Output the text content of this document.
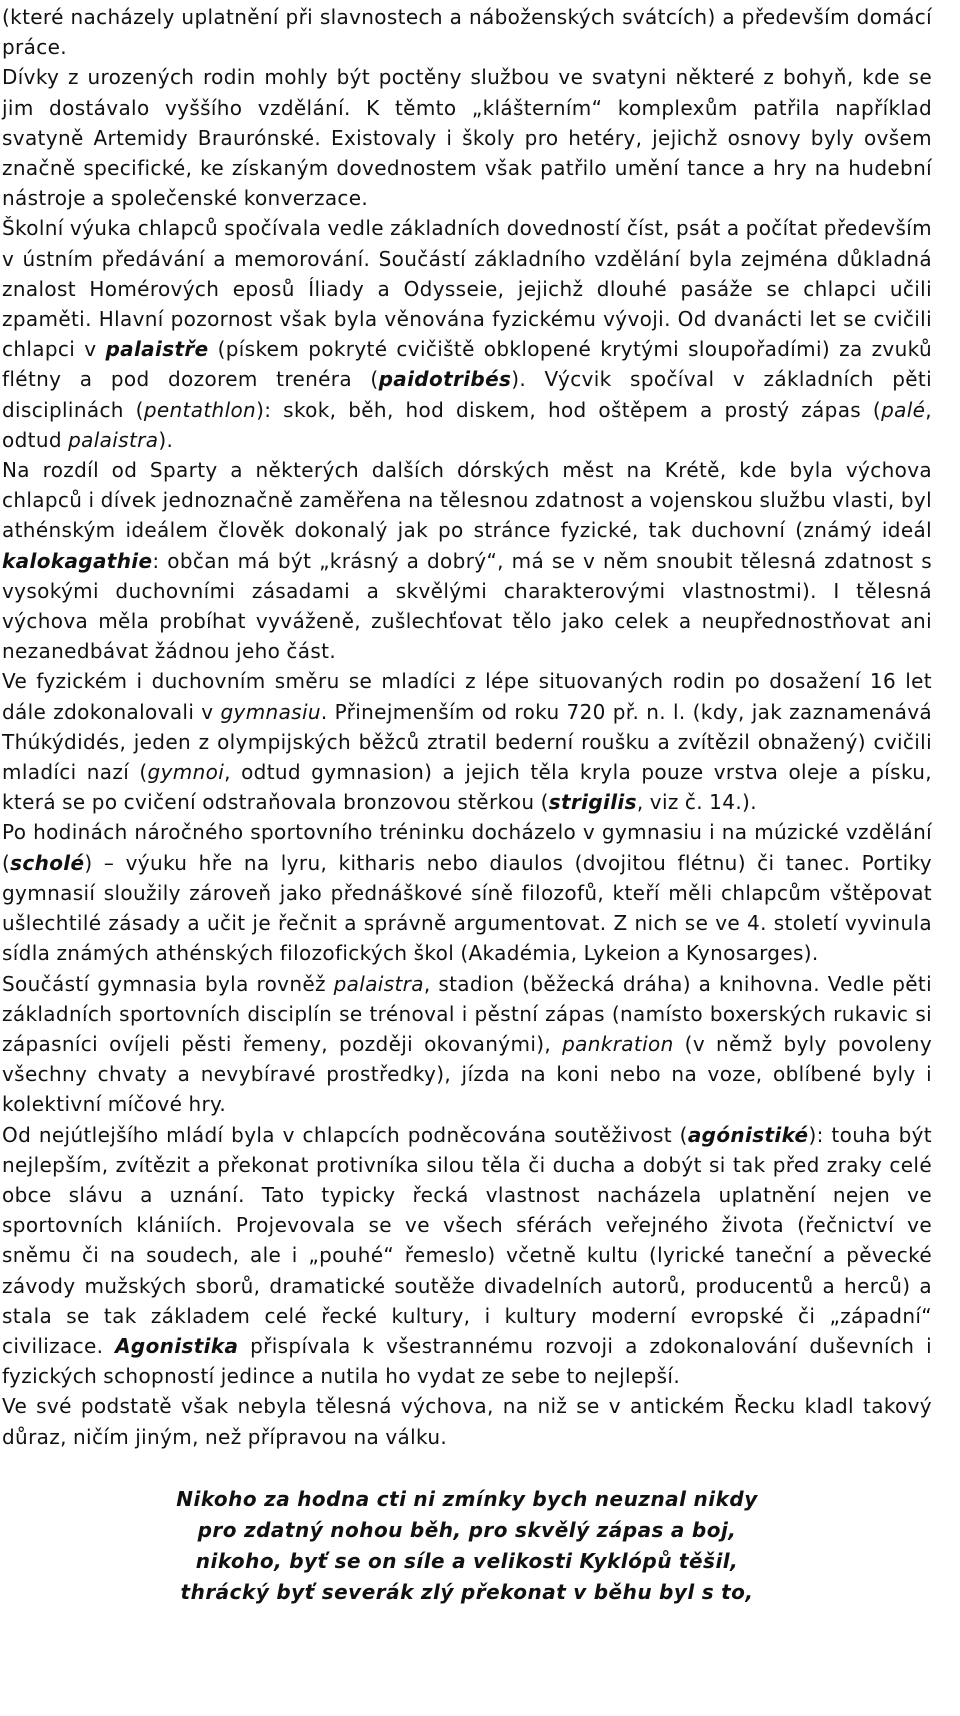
(které nacházely uplatnění při slavnostech a náboženských svátcích) a především domácí práce.

Dívky z urozených rodin mohly být poctěny službou ve svatyni některé z bohyň, kde se jim dostávalo vyššího vzdělání. K těmto „klášterním“ komplexům patřila například svatyně Artemidy Braurónské. Existovaly i školy pro hetéry, jejichž osnovy byly ovšem značně specifické, ke získaným dovednostem však patřilo umění tance a hry na hudební nástroje a společenské konverzace.

Školní výuka chlapců spočívala vedle základních dovedností číst, psát a počítat především v ústním předávání a memorování. Součástí základního vzdělání byla zejména důkladná znalost Homérových eposů Íliady a Odysseie, jejichž dlouhé pasáže se chlapci učili zpaměti. Hlavní pozornost však byla věnována fyzickému vývoji. Od dvanácti let se cvičili chlapci v palaistře (pískem pokryté cvičiště obklopené krytými sloupořadími) za zvuků flétny a pod dozorem trenéra (paidotribés). Výcvik spočíval v základních pěti disciplinách (pentathlon): skok, běh, hod diskem, hod oštěpem a prostý zápas (palé, odtud palaistra).

Na rozdíl od Sparty a některých dalších dórských měst na Krétě, kde byla výchova chlapců i dívek jednoznačně zaměřena na tělesnou zdatnost a vojenskou službu vlasti, byl athénským ideálem člověk dokonalý jak po stránce fyzické, tak duchovní (známý ideál kalokagathie: občan má být „krásný a dobrý“, má se v něm snoubit tělesná zdatnost s vysokými duchovními zásadami a skvělými charakterovými vlastnostmi). I tělesná výchova měla probíhat vyváženě, zušlechťovat tělo jako celek a neupřednostňovat ani nezanedbávat žádnou jeho část.

Ve fyzickém i duchovním směru se mladíci z lépe situovaných rodin po dosažení 16 let dále zdokonalovali v gymnasiu. Přinejmenším od roku 720 př. n. l. (kdy, jak zaznamenává Thúkýdidés, jeden z olympijských běžců ztratil bederní roušku a zvítězil obnažený) cvičili mladíci nazí (gymnoi, odtud gymnasion) a jejich těla kryla pouze vrstva oleje a písku, která se po cvičení odstraňovala bronzovou stěrkou (strigilis, viz č. 14.).

Po hodinách náročného sportovního tréninku docházelo v gymnasiu i na múzické vzdělání (scholé) – výuku hře na lyru, kitharis nebo diaulos (dvojitou flétnu) či tanec. Portiky gymnasií sloužily zároveň jako přednáškové síně filozofů, kteří měli chlapcům vštěpovat ušlechtilé zásady a učit je řečnit a správně argumentovat. Z nich se ve 4. století vyvinula sídla známých athénských filozofických škol (Akadémia, Lykeion a Kynosarges).

Součástí gymnasia byla rovněž palaistra, stadion (běžecká dráha) a knihovna. Vedle pěti základních sportovních disciplín se trénoval i pěstní zápas (namísto boxerských rukavic si zápasníci ovíjeli pěsti řemeny, později okovanými), pankration (v němž byly povoleny všechny chvaty a nevybíravé prostředky), jízda na koni nebo na voze, oblíbené byly i kolektivní míčové hry.

Od nejútlejšího mládí byla v chlapcích podněcována soutěživost (agónistiké): touha být nejlepším, zvítězit a překonat protivníka silou těla či ducha a dobýt si tak před zraky celé obce slávu a uznání. Tato typicky řecká vlastnost nacházela uplatnění nejen ve sportovních klániích. Projevovala se ve všech sférách veřejného života (řečnictví ve sněmu či na soudech, ale i „pouhé“ řemeslo) včetně kultu (lyrické taneční a pěvecké závody mužských sborů, dramatické soutěže divadelních autorů, producentů a herců) a stala se tak základem celé řecké kultury, i kultury moderní evropské či „západní“ civilizace. Agonistika přispívala k všestrannému rozvoji a zdokonalování duševních i fyzických schopností jedince a nutila ho vydat ze sebe to nejlepší.

Ve své podstatě však nebyla tělesná výchova, na niž se v antickém Řecku kladl takový důraz, ničím jiným, než přípravou na válku.

Nikoho za hodna cti ni zmínky bych neuznal nikdy
pro zdatný nohou běh, pro skvělý zápas a boj,
nikoho, byť se on síle a velikosti Kyklópů těšil,
thrácký byť severák zlý překonat v běhu byl s to,
